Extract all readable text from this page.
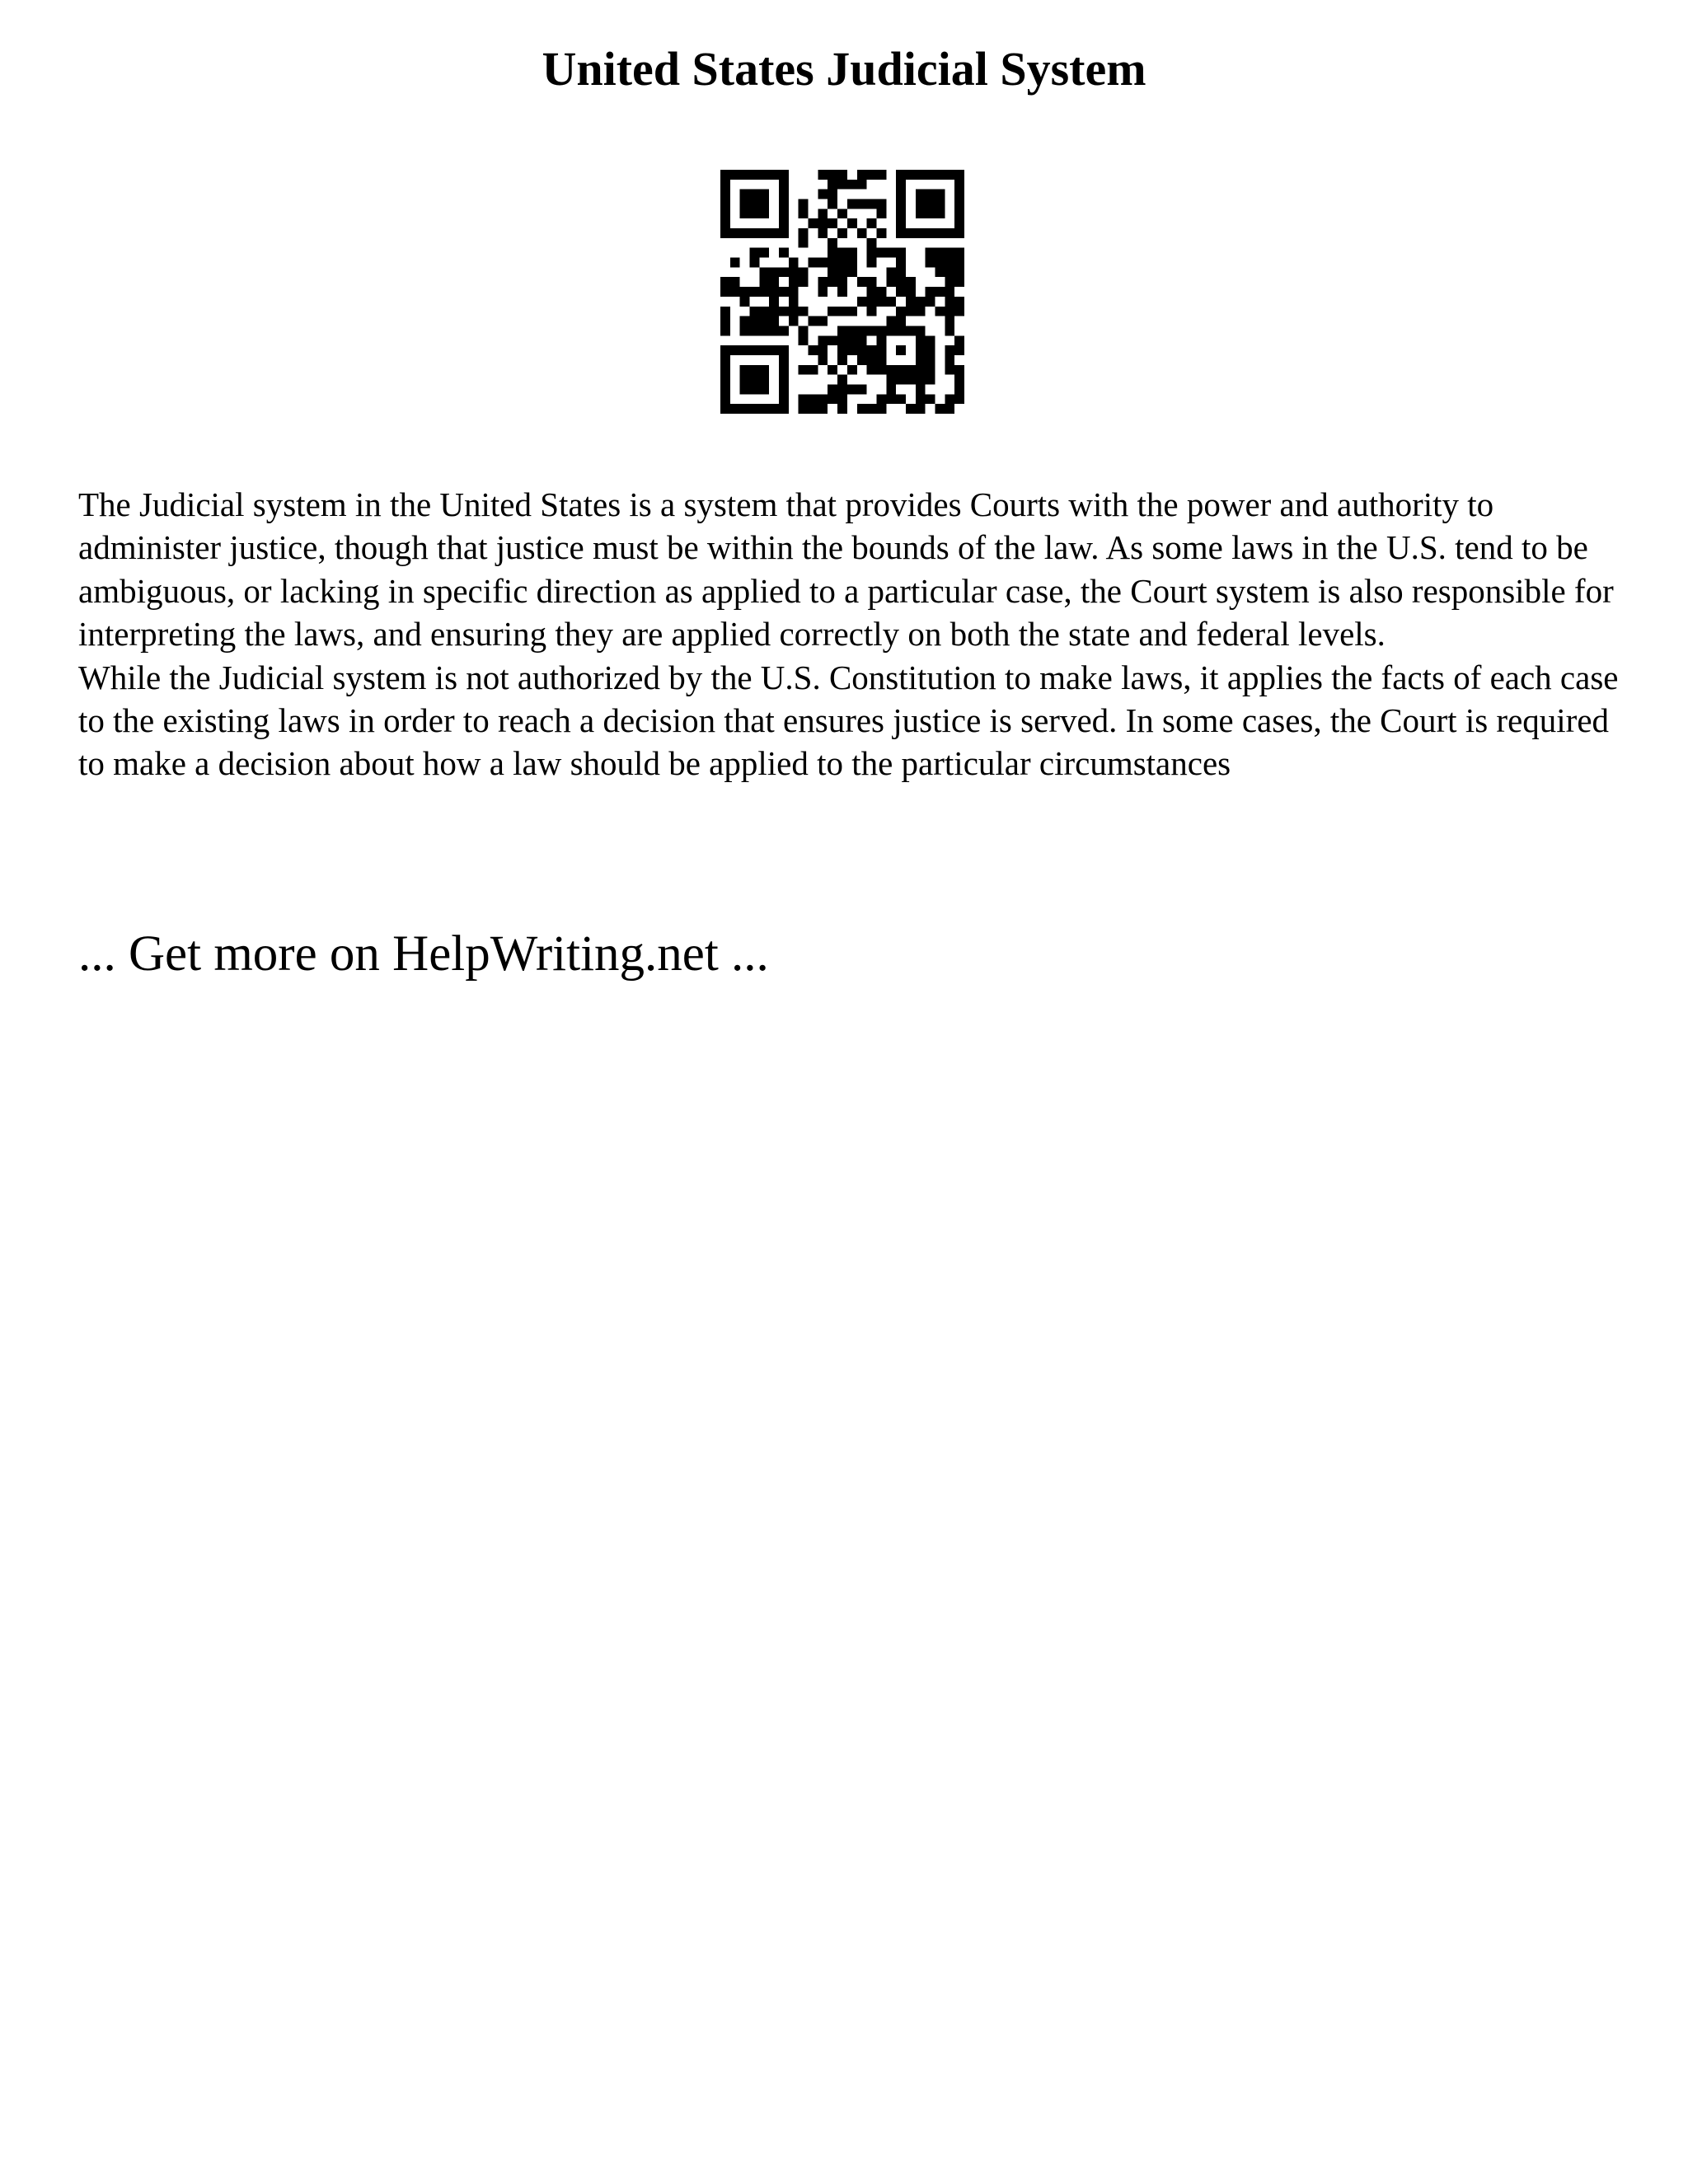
United States Judicial System

The Judicial system in the United States is a system that provides Courts with the power and authority to administer justice, though that justice must be within the bounds of the law. As some laws in the U.S. tend to be ambiguous, or lacking in specific direction as applied to a particular case, the Court system is also responsible for interpreting the laws, and ensuring they are applied correctly on both the state and federal levels.

While the Judicial system is not authorized by the U.S. Constitution to make laws, it applies the facts of each case to the existing laws in order to reach a decision that ensures justice is served. In some cases, the Court is required to make a decision about how a law should be applied to the particular circumstances

... Get more on HelpWriting.net ...
